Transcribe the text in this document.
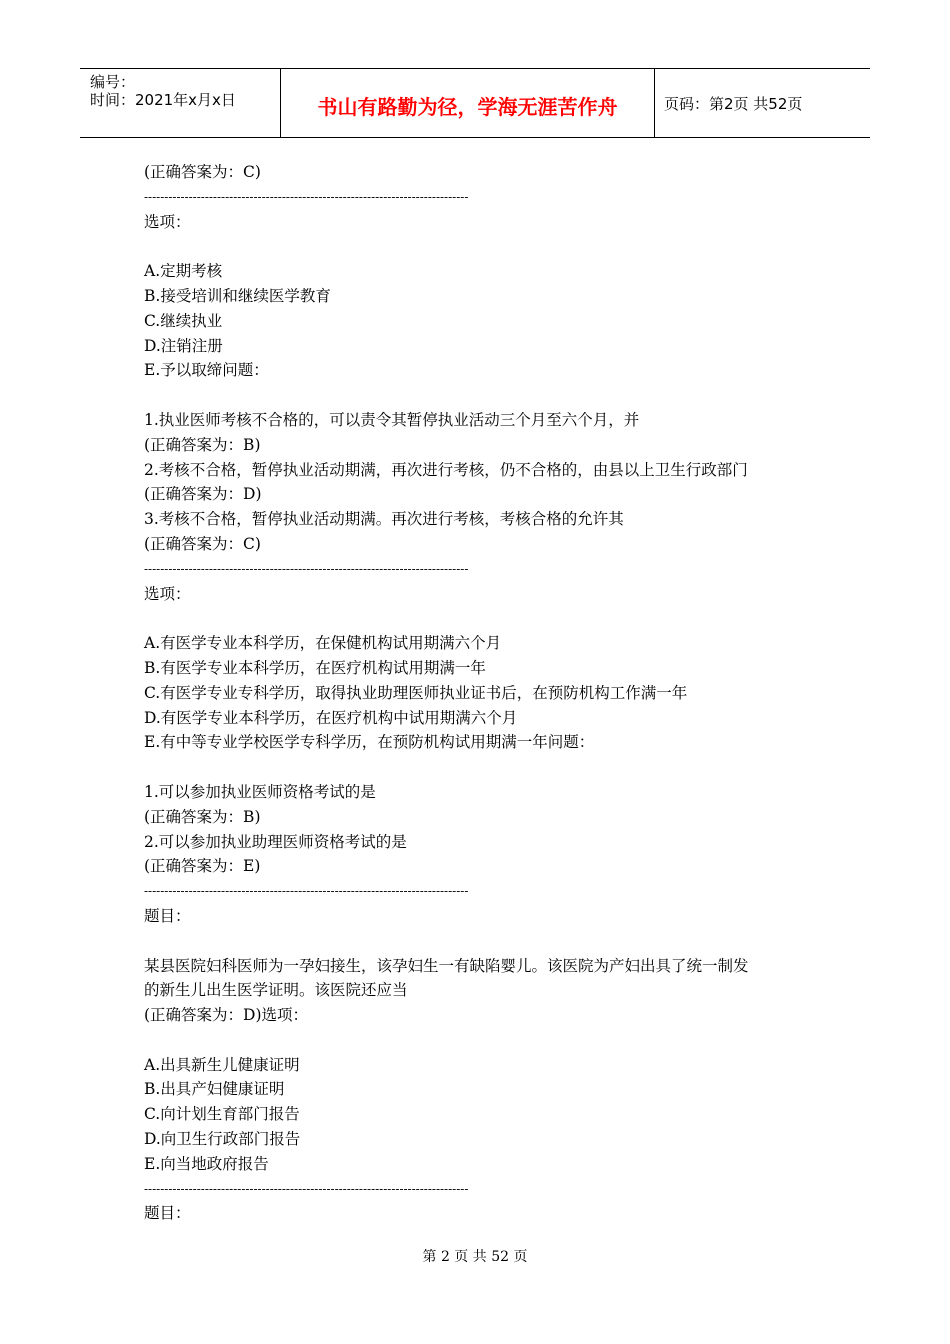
编号：
时间：2021年x月x日	书山有路勤为径，学海无涯苦作舟	页码：第2页 共52页
(正确答案为：C)
--------------------------------------------------------------------------------
选项：
A.定期考核
B.接受培训和继续医学教育
C.继续执业
D.注销注册
E.予以取缔问题：
1.执业医师考核不合格的，可以责令其暂停执业活动三个月至六个月，并
(正确答案为：B)
2.考核不合格，暂停执业活动期满，再次进行考核，仍不合格的，由县以上卫生行政部门
(正确答案为：D)
3.考核不合格，暂停执业活动期满。再次进行考核，考核合格的允许其
(正确答案为：C)
--------------------------------------------------------------------------------
选项：
A.有医学专业本科学历，在保健机构试用期满六个月
B.有医学专业本科学历，在医疗机构试用期满一年
C.有医学专业专科学历，取得执业助理医师执业证书后，在预防机构工作满一年
D.有医学专业本科学历，在医疗机构中试用期满六个月
E.有中等专业学校医学专科学历，在预防机构试用期满一年问题：
1.可以参加执业医师资格考试的是
(正确答案为：B)
2.可以参加执业助理医师资格考试的是
(正确答案为：E)
--------------------------------------------------------------------------------
题目：
某县医院妇科医师为一孕妇接生，该孕妇生一有缺陷婴儿。该医院为产妇出具了统一制发
的新生儿出生医学证明。该医院还应当
(正确答案为：D)选项：
A.出具新生儿健康证明
B.出具产妇健康证明
C.向计划生育部门报告
D.向卫生行政部门报告
E.向当地政府报告
--------------------------------------------------------------------------------
题目：
第 2 页 共 52 页
